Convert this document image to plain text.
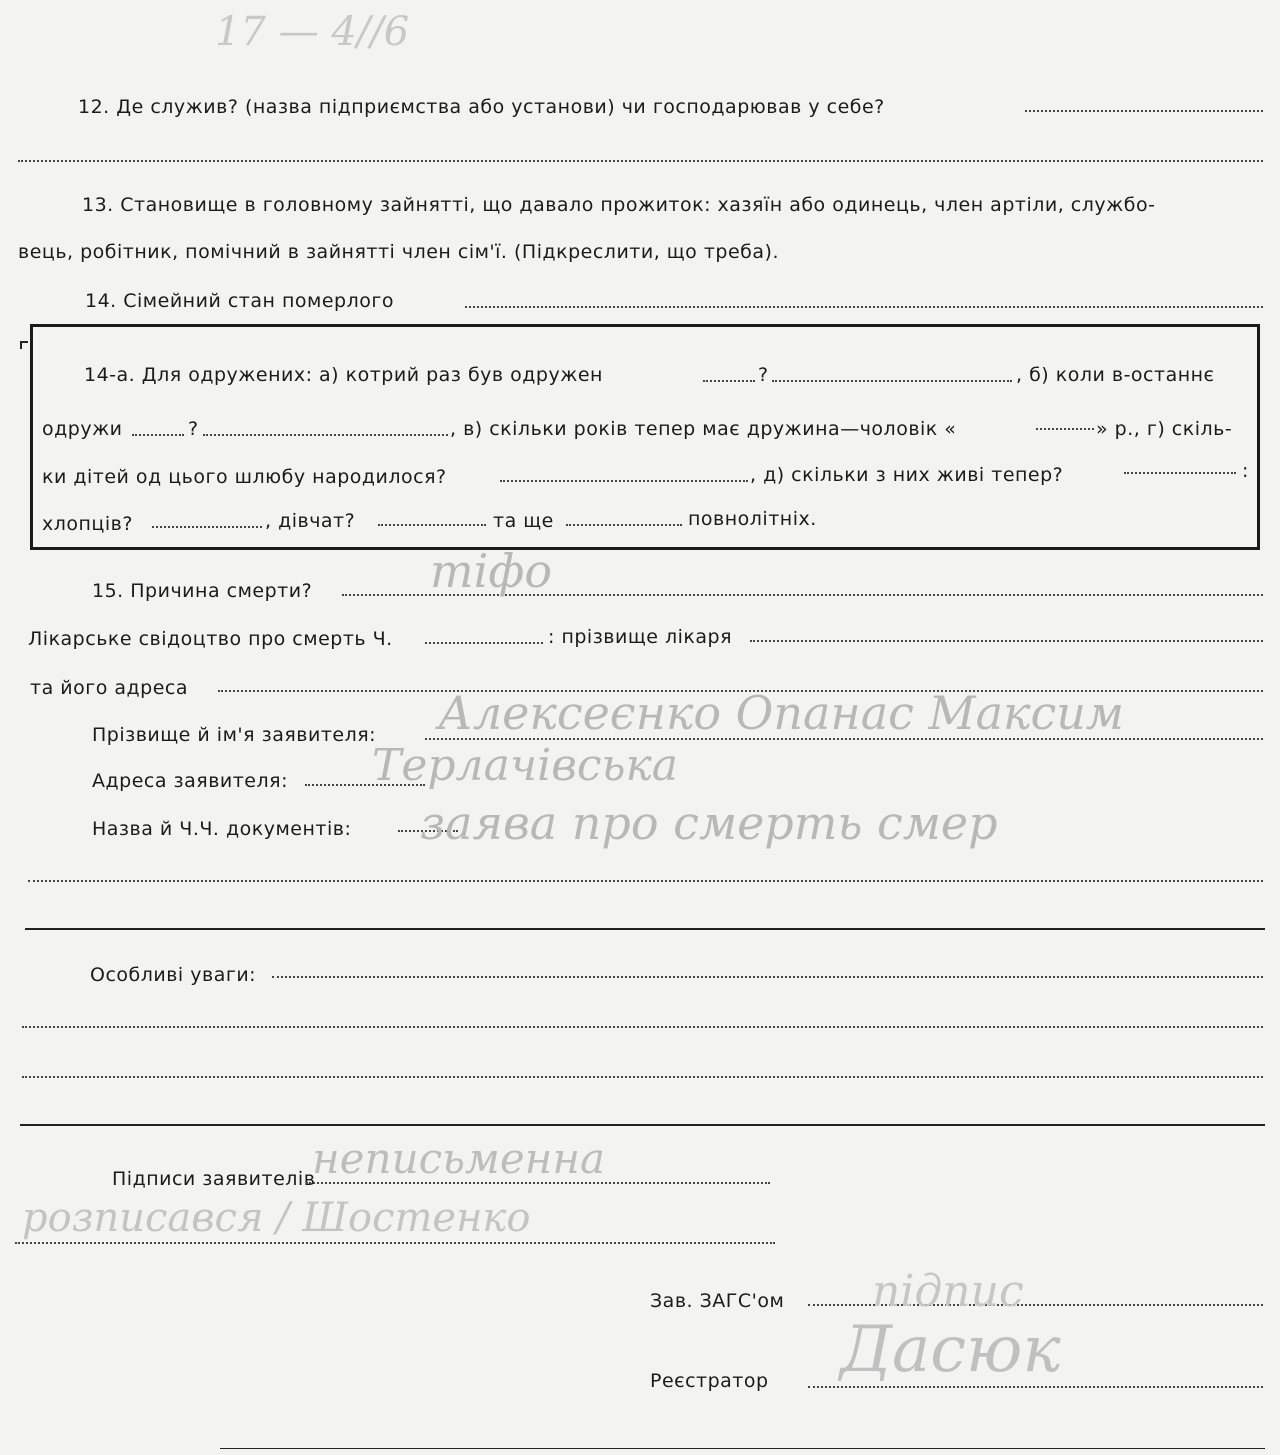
17 — 4//6
12. Де служив? (назва підприємства або установи) чи господарював у себе?
13. Становище в головному зайнятті, що давало прожиток: хазяїн або одинець, член артіли, службо-
вець, робітник, помічний в зайнятті член сім'ї. (Підкреслити, що треба).
14. Сімейний стан померлого
14-а. Для одружених: а) котрий раз був одружен	?	, б) коли в-останнє
одружи	?	, в) скільки років тепер має дружина—чоловік «	» р., г) скіль-
ки дітей од цього шлюбу народилося?	, д) скільки з них живі тепер?	:
хлопців?	, дівчат?	та ще	повнолітніх.
15. Причина смерти?	тіфо
Лікарське свідоцтво про смерть Ч.	: прізвище лікаря
та його адреса
Прізвище й ім'я заявителя: Алексеєнко Опанас Максим
Адреса заявителя: Терлачівська
Назва й Ч.Ч. документів: заява про смерть смер
Особливі уваги:
Підписи заявителів
неписьменна
розписався / Шостенко
Зав. ЗАГС'ом підпис
Реєстратор Дасюк
